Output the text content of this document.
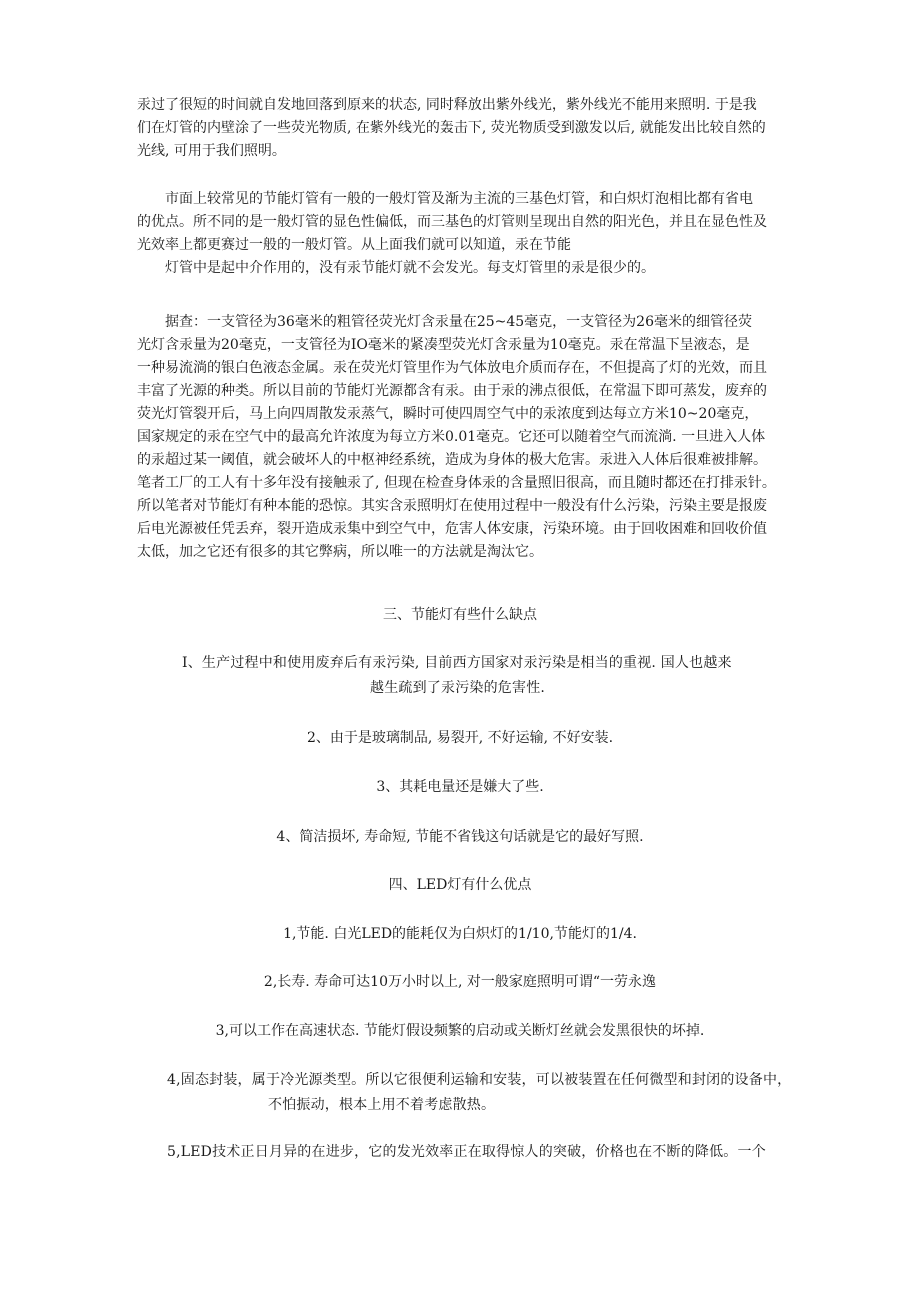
汞过了很短的时间就自发地回落到原来的状态, 同时释放出紫外线光，紫外线光不能用来照明. 于是我
们在灯管的内壁涂了一些荧光物质, 在紫外线光的轰击下, 荧光物质受到激发以后, 就能发出比较自然的
光线, 可用于我们照明。
　　市面上较常见的节能灯管有一般的一般灯管及渐为主流的三基色灯管，和白炽灯泡相比都有省电
的优点。所不同的是一般灯管的显色性偏低，而三基色的灯管则呈现出自然的阳光色，并且在显色性及
光效率上都更赛过一般的一般灯管。从上面我们就可以知道，汞在节能
　　灯管中是起中介作用的，没有汞节能灯就不会发光。每支灯管里的汞是很少的。
　　据查：一支管径为36毫米的粗管径荧光灯含汞量在25~45毫克，一支管径为26毫米的细管径荧
光灯含汞量为20毫克，一支管径为IO毫米的紧凑型荧光灯含汞量为10毫克。汞在常温下呈液态，是
一种易流淌的银白色液态金属。汞在荧光灯管里作为气体放电介质而存在，不但提高了灯的光效，而且
丰富了光源的种类。所以目前的节能灯光源都含有汞。由于汞的沸点很低，在常温下即可蒸发，废弃的
荧光灯管裂开后，马上向四周散发汞蒸气，瞬时可使四周空气中的汞浓度到达每立方米10~20毫克，
国家规定的汞在空气中的最高允许浓度为每立方米0.01毫克。它还可以随着空气而流淌. 一旦进入人体
的汞超过某一阈值，就会破坏人的中枢神经系统，造成为身体的极大危害。汞进入人体后很难被排解。
笔者工厂的工人有十多年没有接触汞了, 但现在检查身体汞的含量照旧很高，而且随时都还在打排汞针。
所以笔者对节能灯有种本能的恐惊。其实含汞照明灯在使用过程中一般没有什么污染，污染主要是报废
后电光源被任凭丢弃，裂开造成汞集中到空气中，危害人体安康，污染环境。由于回收困难和回收价值
太低，加之它还有很多的其它弊病，所以唯一的方法就是淘汰它。
三、节能灯有些什么缺点
I、生产过程中和使用废弃后有汞污染, 目前西方国家对汞污染是相当的重视. 国人也越来
越生疏到了汞污染的危害性.
2、由于是玻璃制品, 易裂开, 不好运输, 不好安装.
3、其耗电量还是嫌大了些.
4、简洁损坏, 寿命短, 节能不省钱这句话就是它的最好写照.
四、LED灯有什么优点
1,节能. 白光LED的能耗仅为白炽灯的1/10,节能灯的1/4.
2,长寿. 寿命可达10万小时以上, 对一般家庭照明可谓“一劳永逸
3,可以工作在高速状态. 节能灯假设频繁的启动或关断灯丝就会发黑很快的坏掉.
4,固态封装，属于冷光源类型。所以它很便利运输和安装，可以被装置在任何微型和封闭的设备中，
不怕振动，根本上用不着考虑散热。
5,LED技术正日月异的在进步，它的发光效率正在取得惊人的突破，价格也在不断的降低。一个
